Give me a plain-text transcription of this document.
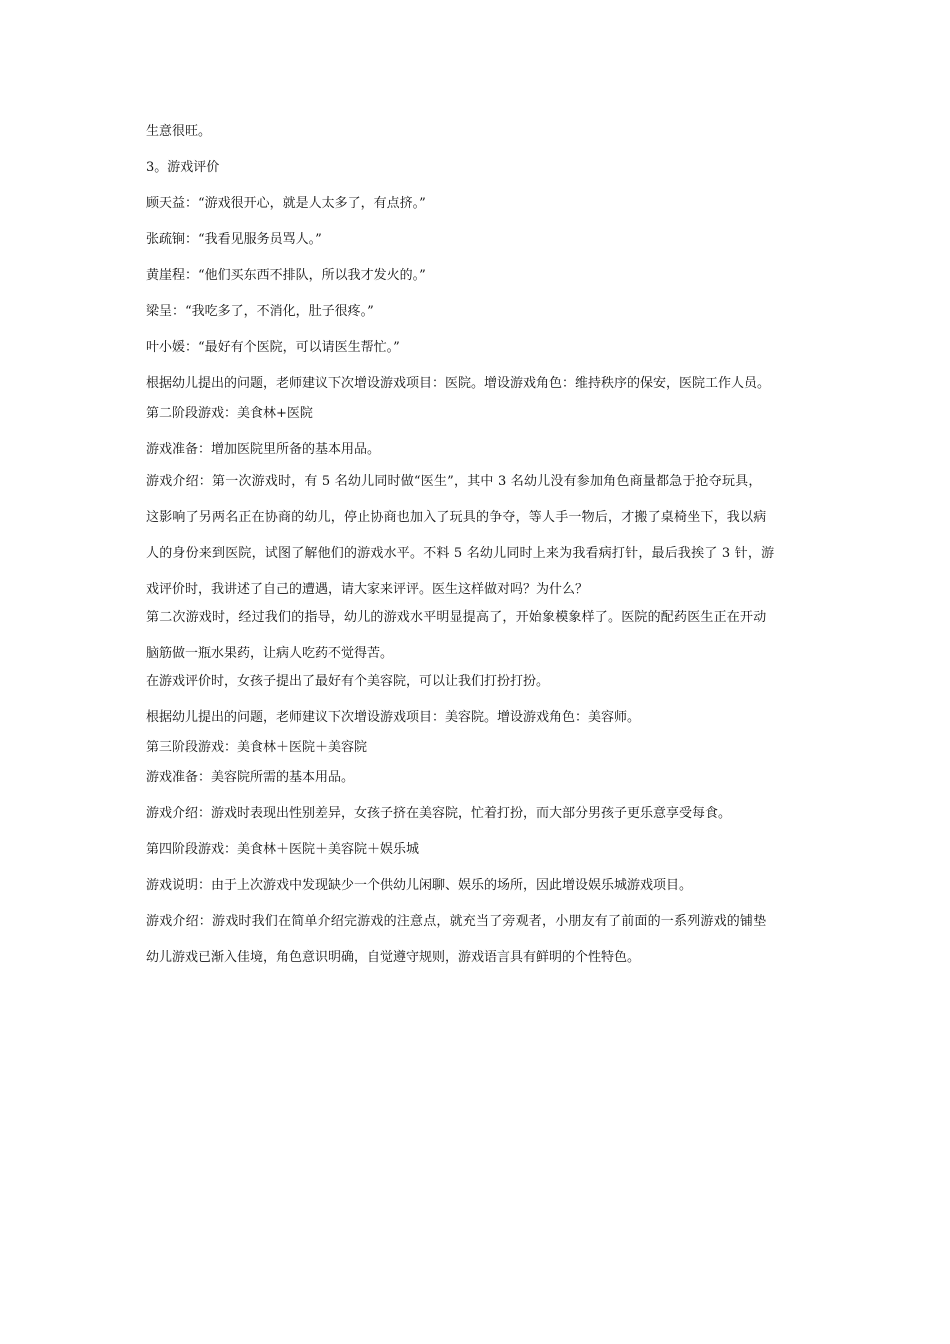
生意很旺。

3。游戏评价

顾天益：“游戏很开心，就是人太多了，有点挤。”

张疏锏：“我看见服务员骂人。”

黄崖程：“他们买东西不排队，所以我才发火的。”

梁呈：“我吃多了，不消化，肚子很疼。”

叶小媛：“最好有个医院，可以请医生帮忙。”

根据幼儿提出的问题，老师建议下次增设游戏项目：医院。增设游戏角色：维持秩序的保安，医院工作人员。

第二阶段游戏：美食林+医院

游戏准备：增加医院里所备的基本用品。

游戏介绍：第一次游戏时，有 5 名幼儿同时做“医生”，其中 3 名幼儿没有参加角色商量都急于抢夺玩具，

这影响了另两名正在协商的幼儿，停止协商也加入了玩具的争夺，等人手一物后，才搬了桌椅坐下，我以病

人的身份来到医院，试图了解他们的游戏水平。不料 5 名幼儿同时上来为我看病打针，最后我挨了 3 针，游

戏评价时，我讲述了自己的遭遇，请大家来评评。医生这样做对吗？为什么？

第二次游戏时，经过我们的指导，幼儿的游戏水平明显提高了，开始象模象样了。医院的配药医生正在开动

脑筋做一瓶水果药，让病人吃药不觉得苦。

在游戏评价时，女孩子提出了最好有个美容院，可以让我们打扮打扮。

根据幼儿提出的问题，老师建议下次增设游戏项目：美容院。增设游戏角色：美容师。

第三阶段游戏：美食林＋医院＋美容院

游戏准备：美容院所需的基本用品。

游戏介绍：游戏时表现出性别差异，女孩子挤在美容院，忙着打扮，而大部分男孩子更乐意享受每食。

第四阶段游戏：美食林＋医院＋美容院＋娱乐城

游戏说明：由于上次游戏中发现缺少一个供幼儿闲聊、娱乐的场所，因此增设娱乐城游戏项目。

游戏介绍：游戏时我们在简单介绍完游戏的注意点，就充当了旁观者，小朋友有了前面的一系列游戏的铺垫

幼儿游戏已渐入佳境，角色意识明确，自觉遵守规则，游戏语言具有鲜明的个性特色。
